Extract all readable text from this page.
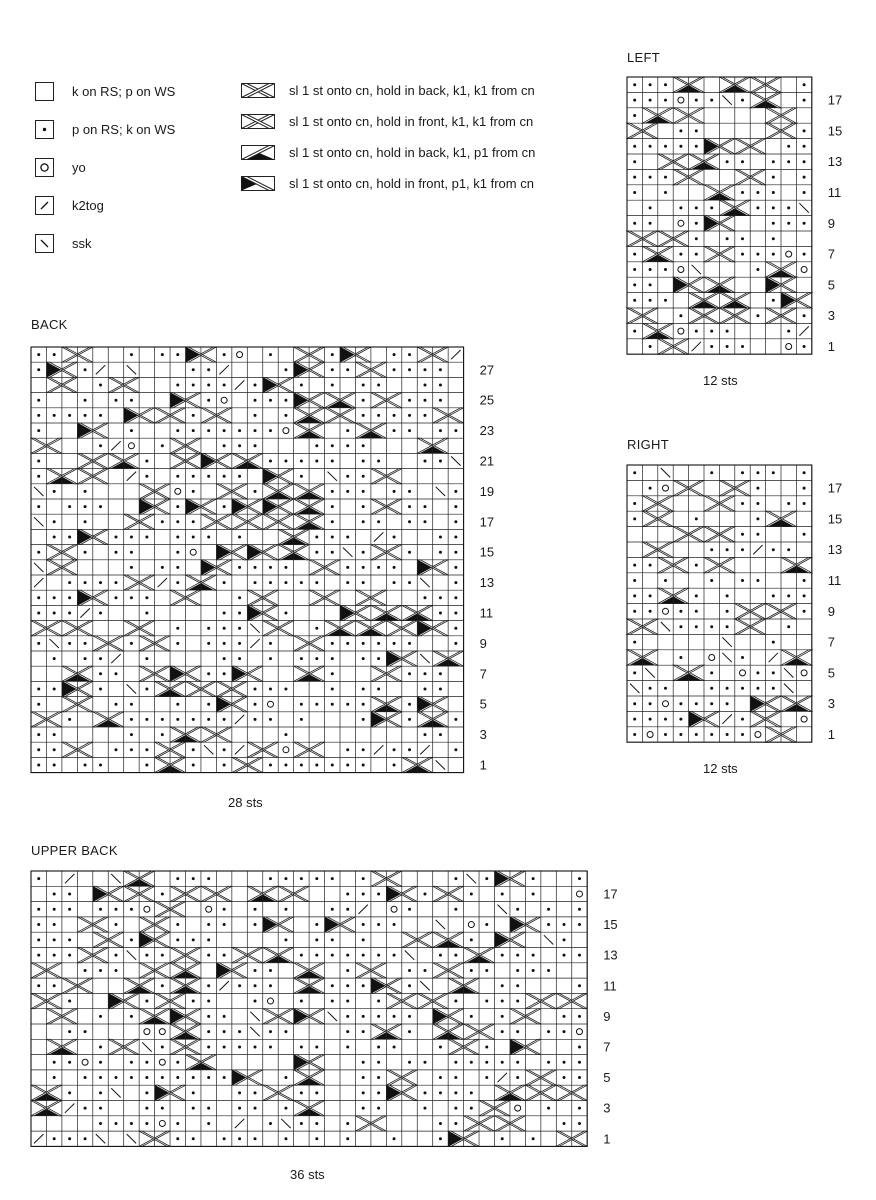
k on RS; p on WS
p on RS; k on WS
yo
k2tog
ssk
sl 1 st onto cn, hold in back, k1, k1 from cn
sl 1 st onto cn, hold in front, k1, k1 from cn
sl 1 st onto cn, hold in back, k1, p1 from cn
sl 1 st onto cn, hold in front, p1, k1 from cn
LEFT
RIGHT
BACK
UPPER BACK
12 sts
12 sts
28 sts
36 sts
17
15
13
11
9
7
5
3
1
17
15
13
11
9
7
5
3
1
27
25
23
21
19
17
15
13
11
9
7
5
3
1
17
15
13
11
9
7
5
3
1
